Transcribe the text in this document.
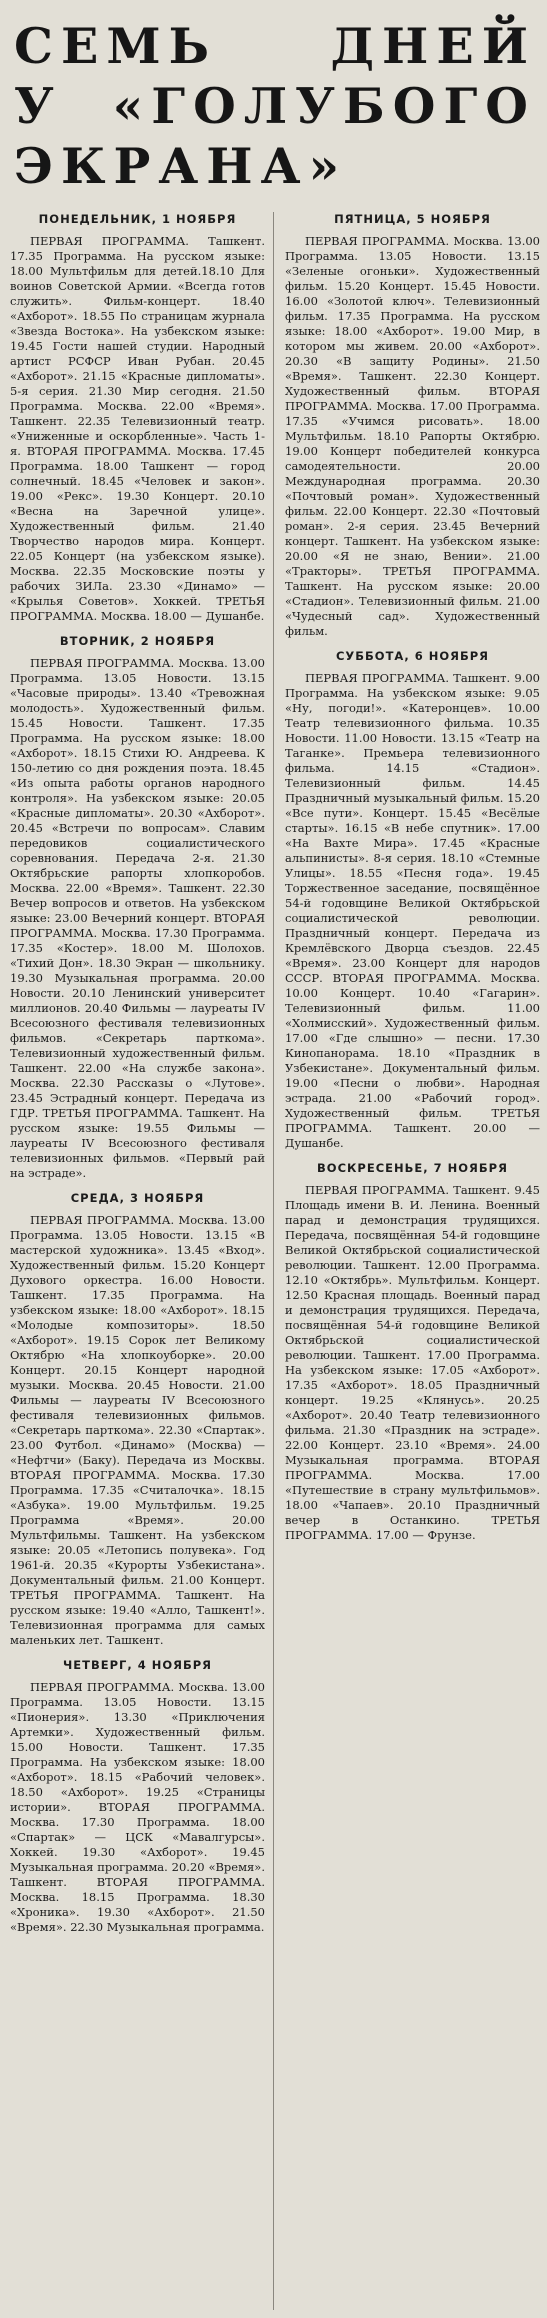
СЕМЬ ДНЕЙ
У «ГОЛУБОГО
ЭКРАНА»
ПОНЕДЕЛЬНИК, 1 НОЯБРЯ

ПЕРВАЯ ПРОГРАММА. Ташкент. 17.35 Программа. На русском языке: 18.00 Мультфильм для детей.18.10 Для воинов Советской Армии. «Всегда готов служить». Фильм-концерт. 18.40 «Ахборот». 18.55 По страницам журнала «Звезда Востока». На узбекском языке: 19.45 Гости нашей студии. Народный артист РСФСР Иван Рубан. 20.45 «Ахборот». 21.15 «Красные дипломаты». 5-я серия. 21.30 Мир сегодня. 21.50 Программа. Москва. 22.00 «Время». Ташкент. 22.35 Телевизионный театр. «Униженные и оскорбленные». Часть 1-я. ВТОРАЯ ПРОГРАММА. Москва. 17.45 Программа. 18.00 Ташкент — город солнечный. 18.45 «Человек и закон». 19.00 «Рекс». 19.30 Концерт. 20.10 «Весна на Заречной улице». Художественный фильм. 21.40 Творчество народов мира. Концерт. 22.05 Концерт (на узбекском языке). Москва. 22.35 Московские поэты у рабочих ЗИЛа. 23.30 «Динамо» — «Крылья Советов». Хоккей. ТРЕТЬЯ ПРОГРАММА. Москва. 18.00 — Душанбе.

ВТОРНИК, 2 НОЯБРЯ

ПЕРВАЯ ПРОГРАММА. Москва. 13.00 Программа. 13.05 Новости. 13.15 «Часовые природы». 13.40 «Тревожная молодость». Художественный фильм. 15.45 Новости. Ташкент. 17.35 Программа. На русском языке: 18.00 «Ахборот». 18.15 Стихи Ю. Андреева. К 150-летию со дня рождения поэта. 18.45 «Из опыта работы органов народного контроля». На узбекском языке: 20.05 «Красные дипломаты». 20.30 «Ахборот». 20.45 «Встречи по вопросам». Славим передовиков социалистического соревнования. Передача 2-я. 21.30 Октябрьские рапорты хлопкоробов. Москва. 22.00 «Время». Ташкент. 22.30 Вечер вопросов и ответов. На узбекском языке: 23.00 Вечерний концерт. ВТОРАЯ ПРОГРАММА. Москва. 17.30 Программа. 17.35 «Костер». 18.00 М. Шолохов. «Тихий Дон». 18.30 Экран — школьнику. 19.30 Музыкальная программа. 20.00 Новости. 20.10 Ленинский университет миллионов. 20.40 Фильмы — лауреаты IV Всесоюзного фестиваля телевизионных фильмов. «Секретарь парткома». Телевизионный художественный фильм. Ташкент. 22.00 «На службе закона». Москва. 22.30 Рассказы о «Лутове». 23.45 Эстрадный концерт. Передача из ГДР. ТРЕТЬЯ ПРОГРАММА. Ташкент. На русском языке: 19.55 Фильмы — лауреаты IV Всесоюзного фестиваля телевизионных фильмов. «Первый рай на эстраде».

СРЕДА, 3 НОЯБРЯ

ПЕРВАЯ ПРОГРАММА. Москва. 13.00 Программа. 13.05 Новости. 13.15 «В мастерской художника». 13.45 «Вход». Художественный фильм. 15.20 Концерт Духового оркестра. 16.00 Новости. Ташкент. 17.35 Программа. На узбекском языке: 18.00 «Ахборот». 18.15 «Молодые композиторы». 18.50 «Ахборот». 19.15 Сорок лет Великому Октябрю «На хлопкоуборке». 20.00 Концерт. 20.15 Концерт народной музыки. Москва. 20.45 Новости. 21.00 Фильмы — лауреаты IV Всесоюзного фестиваля телевизионных фильмов. «Секретарь парткома». 22.30 «Спартак». 23.00 Футбол. «Динамо» (Москва) — «Нефтчи» (Баку). Передача из Москвы. ВТОРАЯ ПРОГРАММА. Москва. 17.30 Программа. 17.35 «Считалочка». 18.15 «Азбука». 19.00 Мультфильм. 19.25 Программа «Время». 20.00 Мультфильмы. Ташкент. На узбекском языке: 20.05 «Летопись полувека». Год 1961-й. 20.35 «Курорты Узбекистана». Документальный фильм. 21.00 Концерт. ТРЕТЬЯ ПРОГРАММА. Ташкент. На русском языке: 19.40 «Алло, Ташкент!». Телевизионная программа для самых маленьких лет. Ташкент.

ЧЕТВЕРГ, 4 НОЯБРЯ

ПЕРВАЯ ПРОГРАММА. Москва. 13.00 Программа. 13.05 Новости. 13.15 «Пионерия». 13.30 «Приключения Артемки». Художественный фильм. 15.00 Новости. Ташкент. 17.35 Программа. На узбекском языке: 18.00 «Ахборот». 18.15 «Рабочий человек». 18.50 «Ахборот». 19.25 «Страницы истории». ВТОРАЯ ПРОГРАММА. Москва. 17.30 Программа. 18.00 «Спартак» — ЦСК «Мавалгурсы». Хоккей. 19.30 «Ахборот». 19.45 Музыкальная программа. 20.20 «Время». Ташкент. ВТОРАЯ ПРОГРАММА. Москва. 18.15 Программа. 18.30 «Хроника». 19.30 «Ахборот». 21.50 «Время». 22.30 Музыкальная программа.

ПЯТНИЦА, 5 НОЯБРЯ

ПЕРВАЯ ПРОГРАММА. Москва. 13.00 Программа. 13.05 Новости. 13.15 «Зеленые огоньки». Художественный фильм. 15.20 Концерт. 15.45 Новости. 16.00 «Золотой ключ». Телевизионный фильм. 17.35 Программа. На русском языке: 18.00 «Ахборот». 19.00 Мир, в котором мы живем. 20.00 «Ахборот». 20.30 «В защиту Родины». 21.50 «Время». Ташкент. 22.30 Концерт. Художественный фильм. ВТОРАЯ ПРОГРАММА. Москва. 17.00 Программа. 17.35 «Учимся рисовать». 18.00 Мультфильм. 18.10 Рапорты Октябрю. 19.00 Концерт победителей конкурса самодеятельности. 20.00 Международная программа. 20.30 «Почтовый роман». Художественный фильм. 22.00 Концерт. 22.30 «Почтовый роман». 2-я серия. 23.45 Вечерний концерт. Ташкент. На узбекском языке: 20.00 «Я не знаю, Вении». 21.00 «Тракторы». ТРЕТЬЯ ПРОГРАММА. Ташкент. На русском языке: 20.00 «Стадион». Телевизионный фильм. 21.00 «Чудесный сад». Художественный фильм.

СУББОТА, 6 НОЯБРЯ

ПЕРВАЯ ПРОГРАММА. Ташкент. 9.00 Программа. На узбекском языке: 9.05 «Ну, погоди!». «Катеронцев». 10.00 Театр телевизионного фильма. 10.35 Новости. 11.00 Новости. 13.15 «Театр на Таганке». Премьера телевизионного фильма. 14.15 «Стадион». Телевизионный фильм. 14.45 Праздничный музыкальный фильм. 15.20 «Все пути». Концерт. 15.45 «Весёлые старты». 16.15 «В небе спутник». 17.00 «На Вахте Мира». 17.45 «Красные альпинисты». 8-я серия. 18.10 «Стемные Улицы». 18.55 «Песня года». 19.45 Торжественное заседание, посвящённое 54-й годовщине Великой Октябрьской социалистической революции. Праздничный концерт. Передача из Кремлёвского Дворца съездов. 22.45 «Время». 23.00 Концерт для народов СССР. ВТОРАЯ ПРОГРАММА. Москва. 10.00 Концерт. 10.40 «Гагарин». Телевизионный фильм. 11.00 «Холмисский». Художественный фильм. 17.00 «Где слышно» — песни. 17.30 Кинопанорама. 18.10 «Праздник в Узбекистане». Документальный фильм. 19.00 «Песни о любви». Народная эстрада. 21.00 «Рабочий город». Художественный фильм. ТРЕТЬЯ ПРОГРАММА. Ташкент. 20.00 — Душанбе.

ВОСКРЕСЕНЬЕ, 7 НОЯБРЯ

ПЕРВАЯ ПРОГРАММА. Ташкент. 9.45 Площадь имени В. И. Ленина. Военный парад и демонстрация трудящихся. Передача, посвящённая 54-й годовщине Великой Октябрьской социалистической революции. Ташкент. 12.00 Программа. 12.10 «Октябрь». Мультфильм. Концерт. 12.50 Красная площадь. Военный парад и демонстрация трудящихся. Передача, посвящённая 54-й годовщине Великой Октябрьской социалистической революции. Ташкент. 17.00 Программа. На узбекском языке: 17.05 «Ахборот». 17.35 «Ахборот». 18.05 Праздничный концерт. 19.25 «Клянусь». 20.25 «Ахборот». 20.40 Театр телевизионного фильма. 21.30 «Праздник на эстраде». 22.00 Концерт. 23.10 «Время». 24.00 Музыкальная программа. ВТОРАЯ ПРОГРАММА. Москва. 17.00 «Путешествие в страну мультфильмов». 18.00 «Чапаев». 20.10 Праздничный вечер в Останкино. ТРЕТЬЯ ПРОГРАММА. 17.00 — Фрунзе.
